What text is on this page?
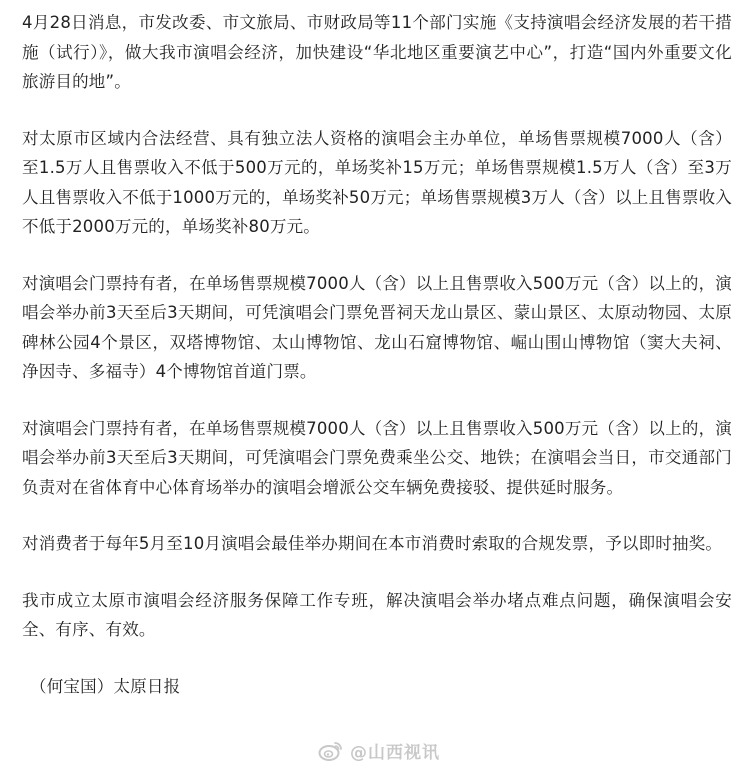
4月28日消息，市发改委、市文旅局、市财政局等11个部门实施《支持演唱会经济发展的若干措施（试行）》，做大我市演唱会经济，加快建设“华北地区重要演艺中心”，打造“国内外重要文化旅游目的地”。

对太原市区域内合法经营、具有独立法人资格的演唱会主办单位，单场售票规模7000人（含）至1.5万人且售票收入不低于500万元的，单场奖补15万元；单场售票规模1.5万人（含）至3万人且售票收入不低于1000万元的，单场奖补50万元；单场售票规模3万人（含）以上且售票收入不低于2000万元的，单场奖补80万元。

对演唱会门票持有者，在单场售票规模7000人（含）以上且售票收入500万元（含）以上的，演唱会举办前3天至后3天期间，可凭演唱会门票免晋祠天龙山景区、蒙山景区、太原动物园、太原碑林公园4个景区，双塔博物馆、太山博物馆、龙山石窟博物馆、崛山围山博物馆（窦大夫祠、净因寺、多福寺）4个博物馆首道门票。

对演唱会门票持有者，在单场售票规模7000人（含）以上且售票收入500万元（含）以上的，演唱会举办前3天至后3天期间，可凭演唱会门票免费乘坐公交、地铁；在演唱会当日，市交通部门负责对在省体育中心体育场举办的演唱会增派公交车辆免费接驳、提供延时服务。

对消费者于每年5月至10月演唱会最佳举办期间在本市消费时索取的合规发票，予以即时抽奖。

我市成立太原市演唱会经济服务保障工作专班，解决演唱会举办堵点难点问题，确保演唱会安全、有序、有效。

（何宝国）太原日报

@山西视讯
